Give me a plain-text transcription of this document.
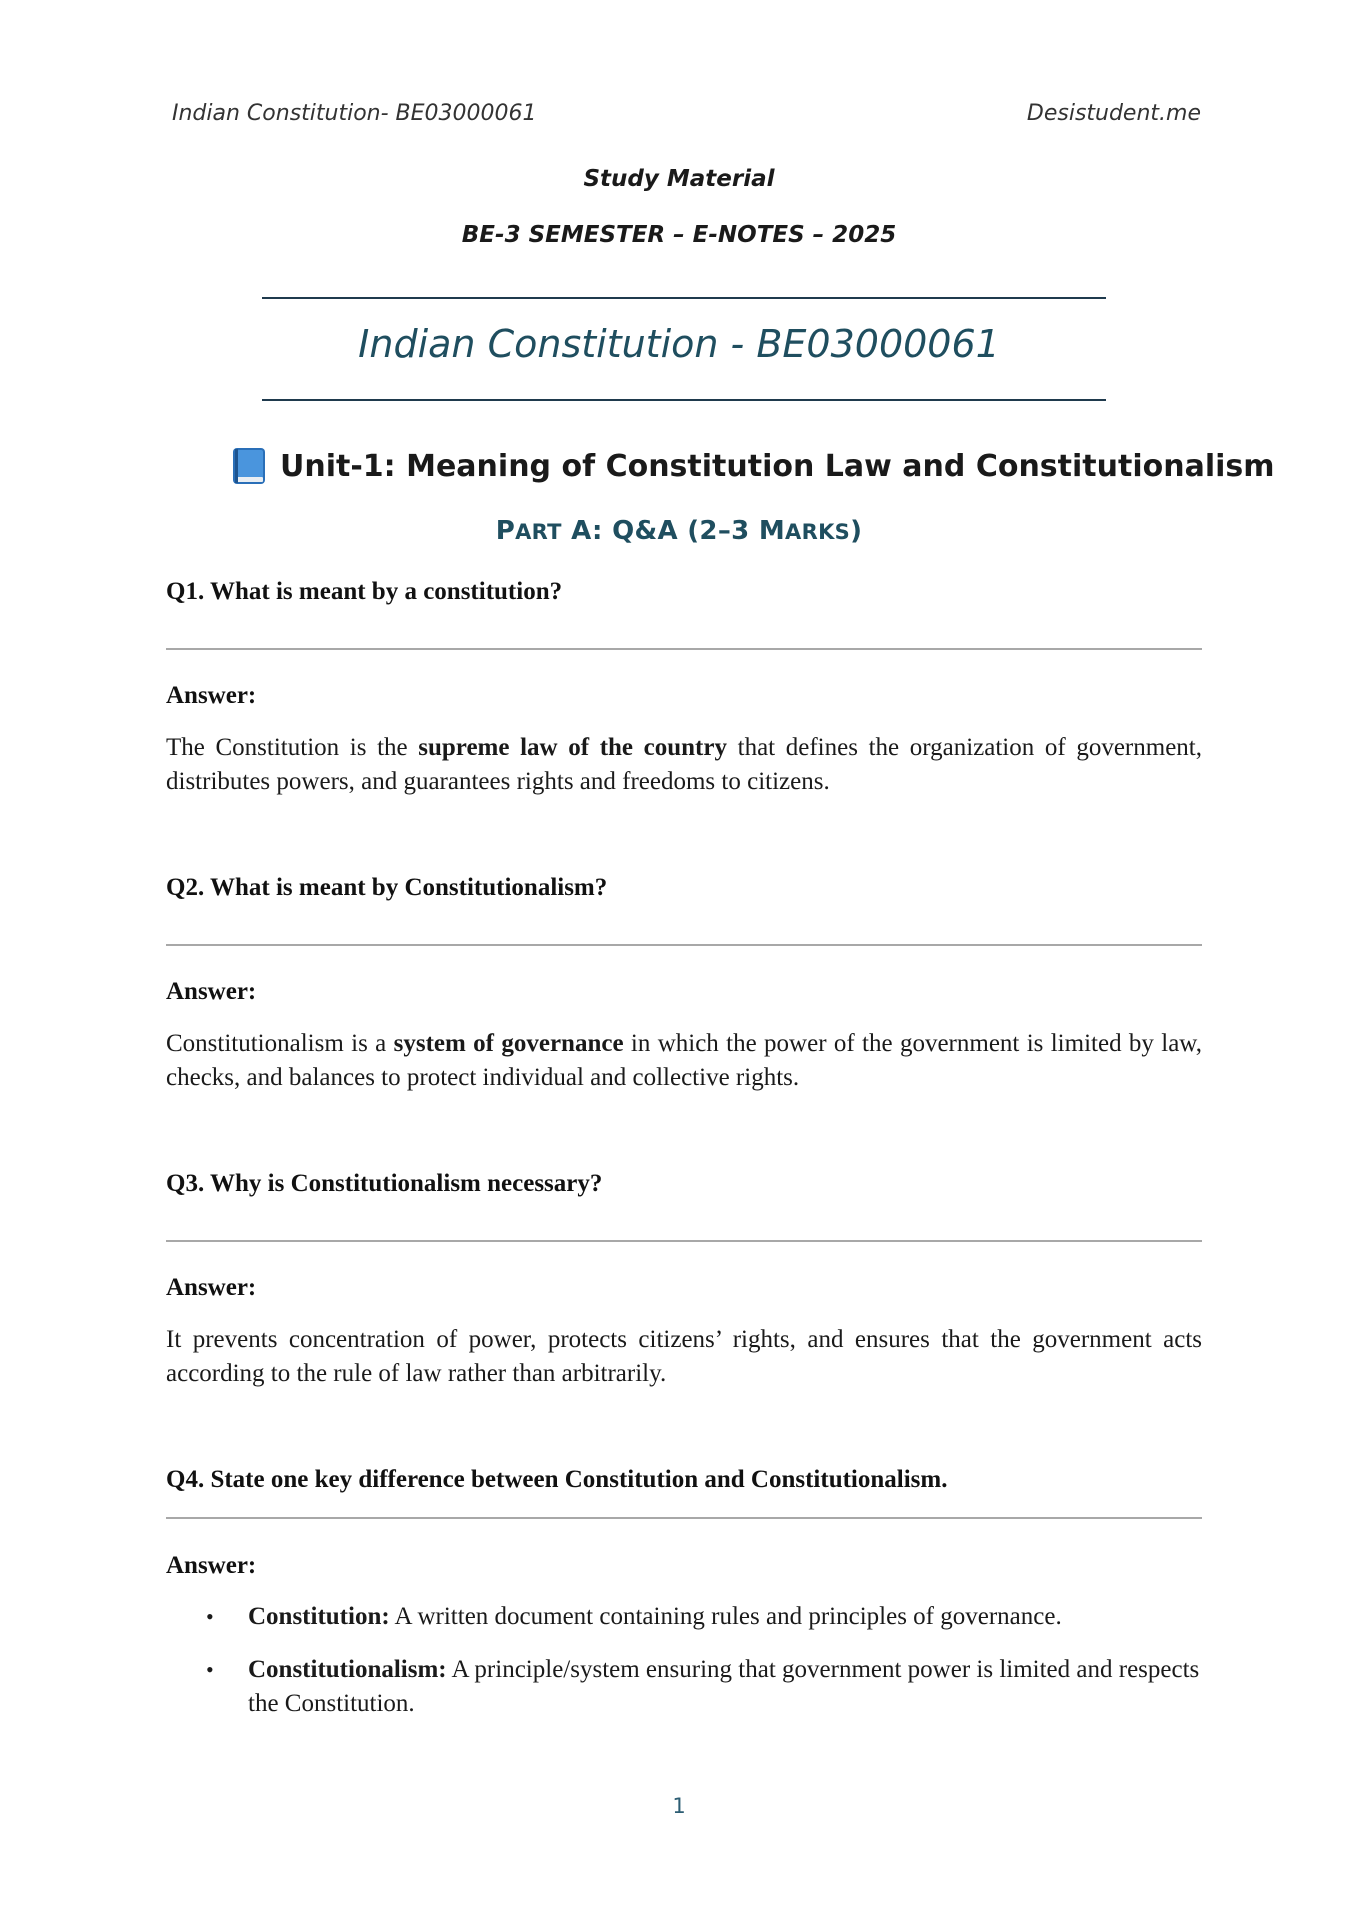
Indian Constitution- BE03000061	Desistudent.me
Study Material
BE-3 SEMESTER – E-NOTES – 2025
Indian Constitution - BE03000061
Unit-1: Meaning of Constitution Law and Constitutionalism
PART A: Q&A (2–3 MARKS)
Q1. What is meant by a constitution?
Answer:
The Constitution is the supreme law of the country that defines the organization of government, distributes powers, and guarantees rights and freedoms to citizens.
Q2. What is meant by Constitutionalism?
Answer:
Constitutionalism is a system of governance in which the power of the government is limited by law, checks, and balances to protect individual and collective rights.
Q3. Why is Constitutionalism necessary?
Answer:
It prevents concentration of power, protects citizens’ rights, and ensures that the government acts according to the rule of law rather than arbitrarily.
Q4. State one key difference between Constitution and Constitutionalism.
Answer:
• Constitution: A written document containing rules and principles of governance.
• Constitutionalism: A principle/system ensuring that government power is limited and respects the Constitution.
1
